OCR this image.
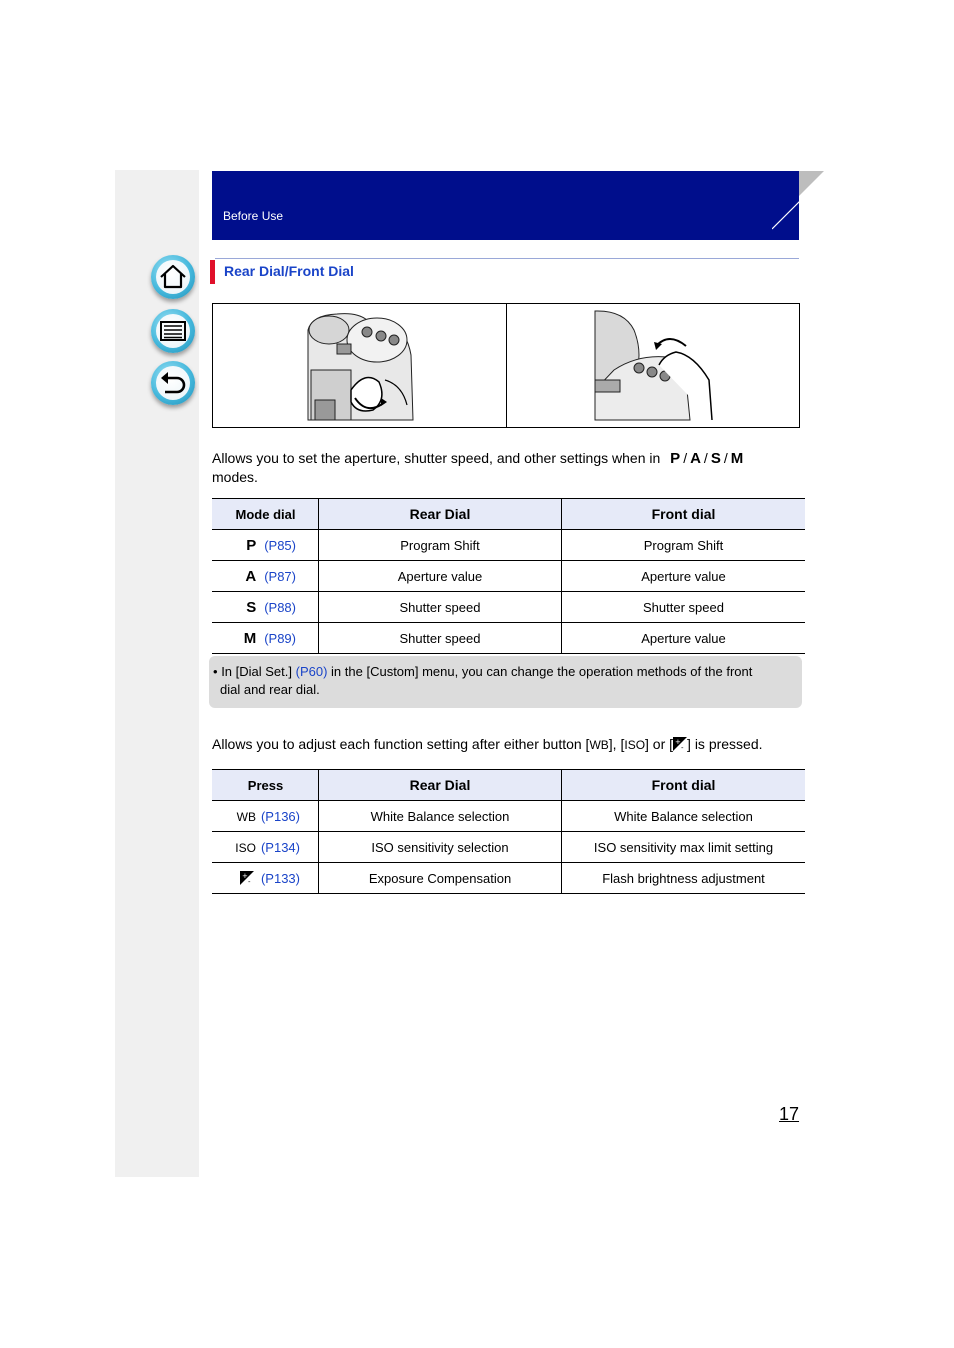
Before Use
Rear Dial/Front Dial
Allows you to set the aperture, shutter speed, and other settings when in P / A / S / M
modes.
Mode dial	Rear Dial	Front dial
P (P85)	Program Shift	Program Shift
A (P87)	Aperture value	Aperture value
S (P88)	Shutter speed	Shutter speed
M (P89)	Shutter speed	Aperture value
• In [Dial Set.] (P60) in the [Custom] menu, you can change the operation methods of the front
dial and rear dial.
Allows you to adjust each function setting after either button [WB], [ISO] or [ +
- ] is pressed.
Press	Rear Dial	Front dial
WB (P136)	White Balance selection	White Balance selection
ISO (P134)	ISO sensitivity selection	ISO sensitivity max limit setting

+
- (P133)	Exposure Compensation	Flash brightness adjustment
17
